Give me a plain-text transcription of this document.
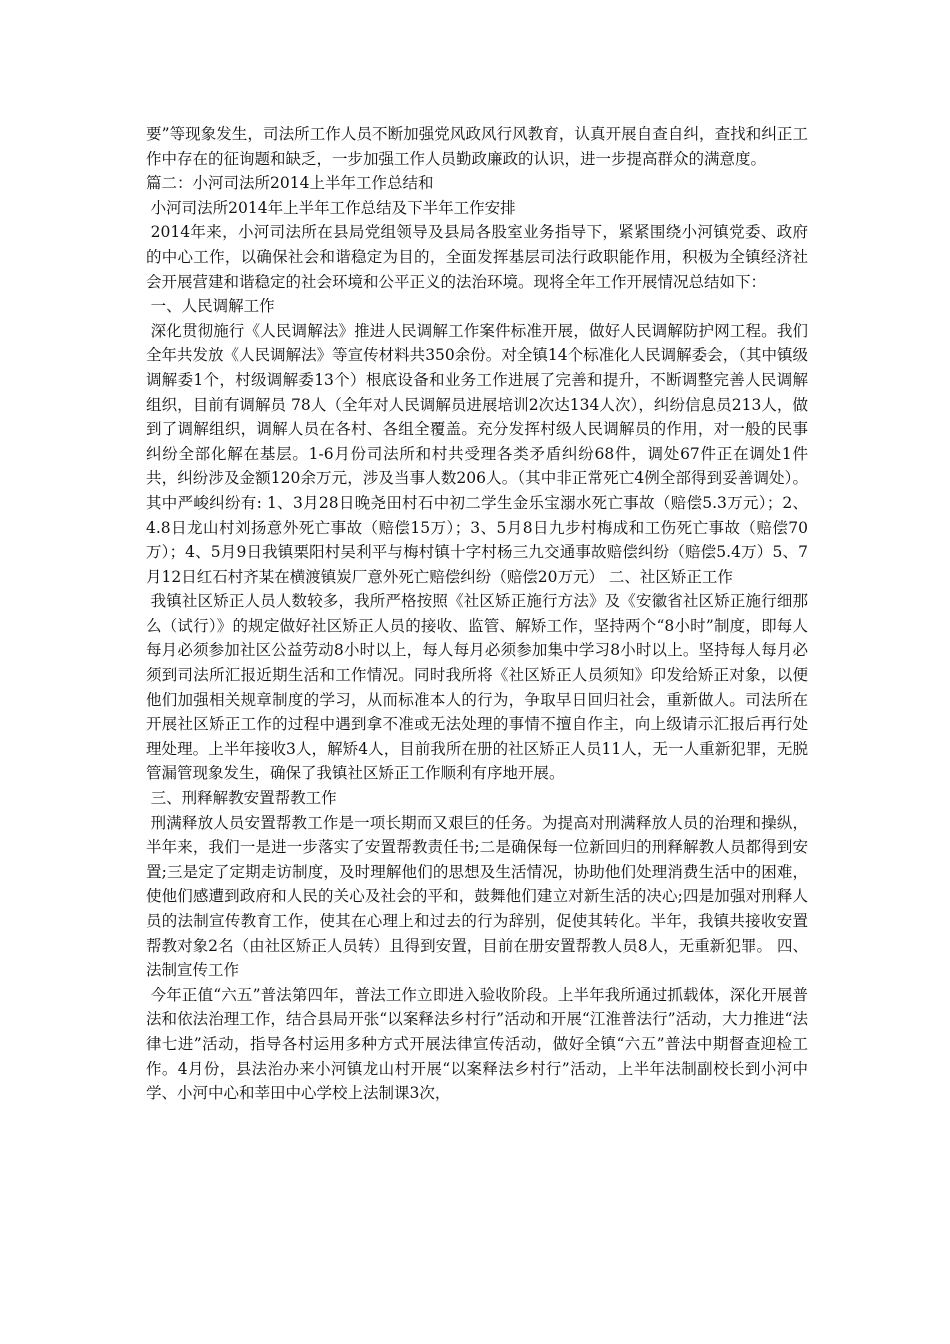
要”等现象发生，司法所工作人员不断加强党风政风行风教育，认真开展自查自纠，查找和纠正工作中存在的征询题和缺乏，一步加强工作人员勤政廉政的认识，进一步提高群众的满意度。

篇二：小河司法所2014上半年工作总结和

小河司法所2014年上半年工作总结及下半年工作安排

2014年来，小河司法所在县局党组领导及县局各股室业务指导下，紧紧围绕小河镇党委、政府的中心工作，以确保社会和谐稳定为目的，全面发挥基层司法行政职能作用，积极为全镇经济社会开展营建和谐稳定的社会环境和公平正义的法治环境。现将全年工作开展情况总结如下：

一、人民调解工作

深化贯彻施行《人民调解法》推进人民调解工作案件标准开展，做好人民调解防护网工程。我们全年共发放《人民调解法》等宣传材料共350余份。对全镇14个标准化人民调解委会，（其中镇级调解委1个，村级调解委13个）根底设备和业务工作进展了完善和提升，不断调整完善人民调解组织，目前有调解员 78人（全年对人民调解员进展培训2次达134人次），纠纷信息员213人，做到了调解组织，调解人员在各村、各组全覆盖。充分发挥村级人民调解员的作用，对一般的民事纠纷全部化解在基层。1-6月份司法所和村共受理各类矛盾纠纷68件，调处67件正在调处1件共，纠纷涉及金额120余万元，涉及当事人数206人。（其中非正常死亡4例全部得到妥善调处）。其中严峻纠纷有: 1、3月28日晚尧田村石中初二学生金乐宝溺水死亡事故（赔偿5.3万元）；2、4.8日龙山村刘扬意外死亡事故（赔偿15万）；3、5月8日九步村梅成和工伤死亡事故（赔偿70万）；4、5月9日我镇栗阳村吴利平与梅村镇十字村杨三九交通事故赔偿纠纷（赔偿5.4万）5、7月12日红石村齐某在横渡镇炭厂意外死亡赔偿纠纷（赔偿20万元） 二、社区矫正工作

我镇社区矫正人员人数较多，我所严格按照《社区矫正施行方法》及《安徽省社区矫正施行细那么（试行）》的规定做好社区矫正人员的接收、监管、解矫工作，坚持两个“8小时”制度，即每人每月必须参加社区公益劳动8小时以上，每人每月必须参加集中学习8小时以上。坚持每人每月必须到司法所汇报近期生活和工作情况。同时我所将《社区矫正人员须知》印发给矫正对象，以便他们加强相关规章制度的学习，从而标准本人的行为，争取早日回归社会，重新做人。司法所在开展社区矫正工作的过程中遇到拿不准或无法处理的事情不擅自作主，向上级请示汇报后再行处理处理。上半年接收3人，解矫4人，目前我所在册的社区矫正人员11人，无一人重新犯罪，无脱管漏管现象发生，确保了我镇社区矫正工作顺利有序地开展。

三、刑释解教安置帮教工作

刑满释放人员安置帮教工作是一项长期而又艰巨的任务。为提高对刑满释放人员的治理和操纵，半年来，我们一是进一步落实了安置帮教责任书;二是确保每一位新回归的刑释解教人员都得到安置;三是定了定期走访制度，及时理解他们的思想及生活情况，协助他们处理消费生活中的困难，使他们感遭到政府和人民的关心及社会的平和，鼓舞他们建立对新生活的决心;四是加强对刑释人员的法制宣传教育工作，使其在心理上和过去的行为辞别，促使其转化。半年，我镇共接收安置帮教对象2名（由社区矫正人员转）且得到安置，目前在册安置帮教人员8人，无重新犯罪。 四、法制宣传工作

今年正值“六五”普法第四年，普法工作立即进入验收阶段。上半年我所通过抓载体，深化开展普法和依法治理工作，结合县局开张“以案释法乡村行”活动和开展“江淮普法行”活动，大力推进“法律七进”活动，指导各村运用多种方式开展法律宣传活动，做好全镇“六五”普法中期督查迎检工作。4月份，县法治办来小河镇龙山村开展“以案释法乡村行”活动，上半年法制副校长到小河中学、小河中心和莘田中心学校上法制课3次，
